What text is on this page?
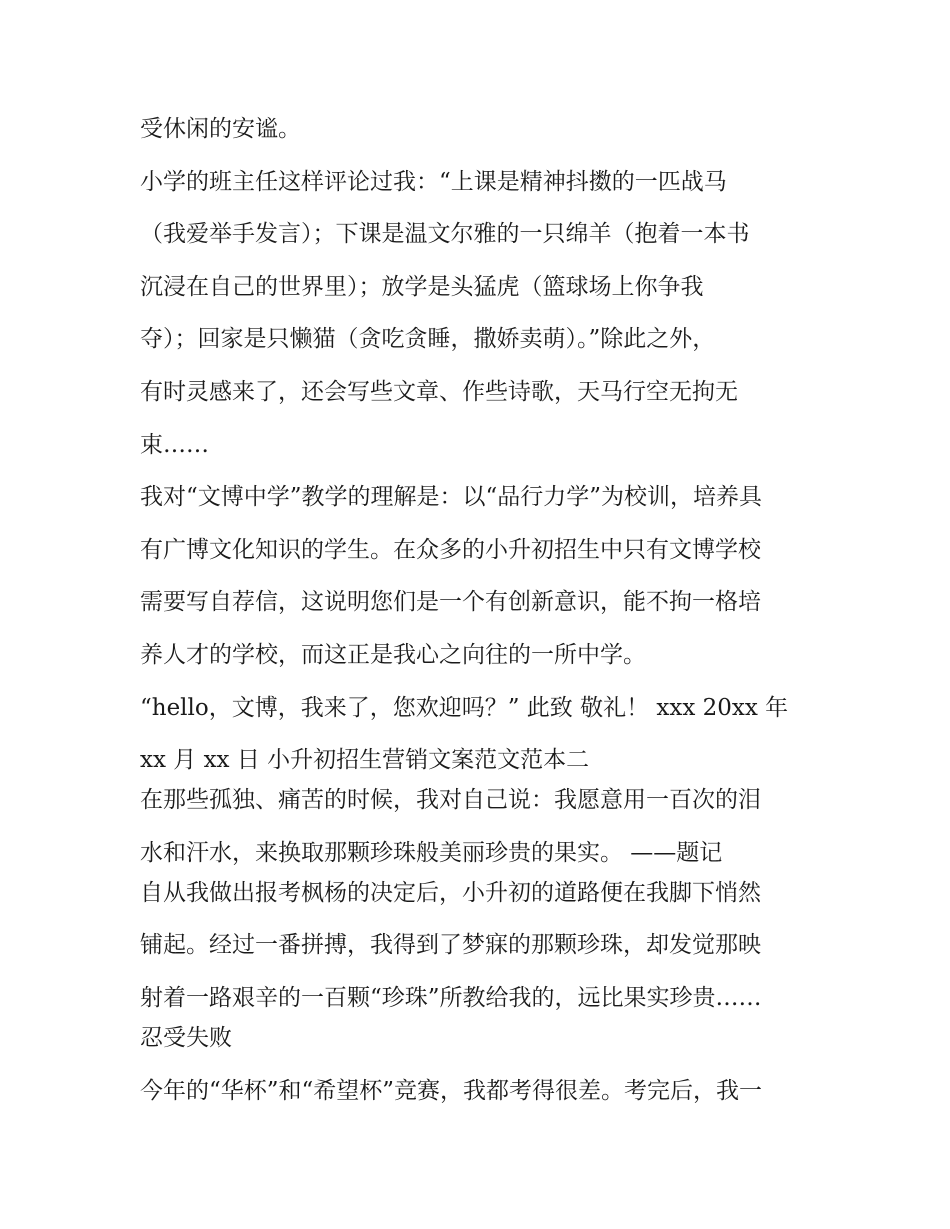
受休闲的安谧。
小学的班主任这样评论过我：“上课是精神抖擞的一匹战马
（我爱举手发言）；下课是温文尔雅的一只绵羊（抱着一本书
沉浸在自己的世界里）；放学是头猛虎（篮球场上你争我
夺）；回家是只懒猫（贪吃贪睡，撒娇卖萌）。”除此之外，
有时灵感来了，还会写些文章、作些诗歌，天马行空无拘无
束……
我对“文博中学”教学的理解是：以“品行力学”为校训，培养具
有广博文化知识的学生。在众多的小升初招生中只有文博学校
需要写自荐信，这说明您们是一个有创新意识，能不拘一格培
养人才的学校，而这正是我心之向往的一所中学。
“hello，文博，我来了，您欢迎吗？” 此致 敬礼！ xxx 20xx 年
xx 月 xx 日 小升初招生营销文案范文范本二
在那些孤独、痛苦的时候，我对自己说：我愿意用一百次的泪
水和汗水，来换取那颗珍珠般美丽珍贵的果实。 ——题记
自从我做出报考枫杨的决定后，小升初的道路便在我脚下悄然
铺起。经过一番拼搏，我得到了梦寐的那颗珍珠，却发觉那映
射着一路艰辛的一百颗“珍珠”所教给我的，远比果实珍贵……
忍受失败
今年的“华杯”和“希望杯”竞赛，我都考得很差。考完后，我一
